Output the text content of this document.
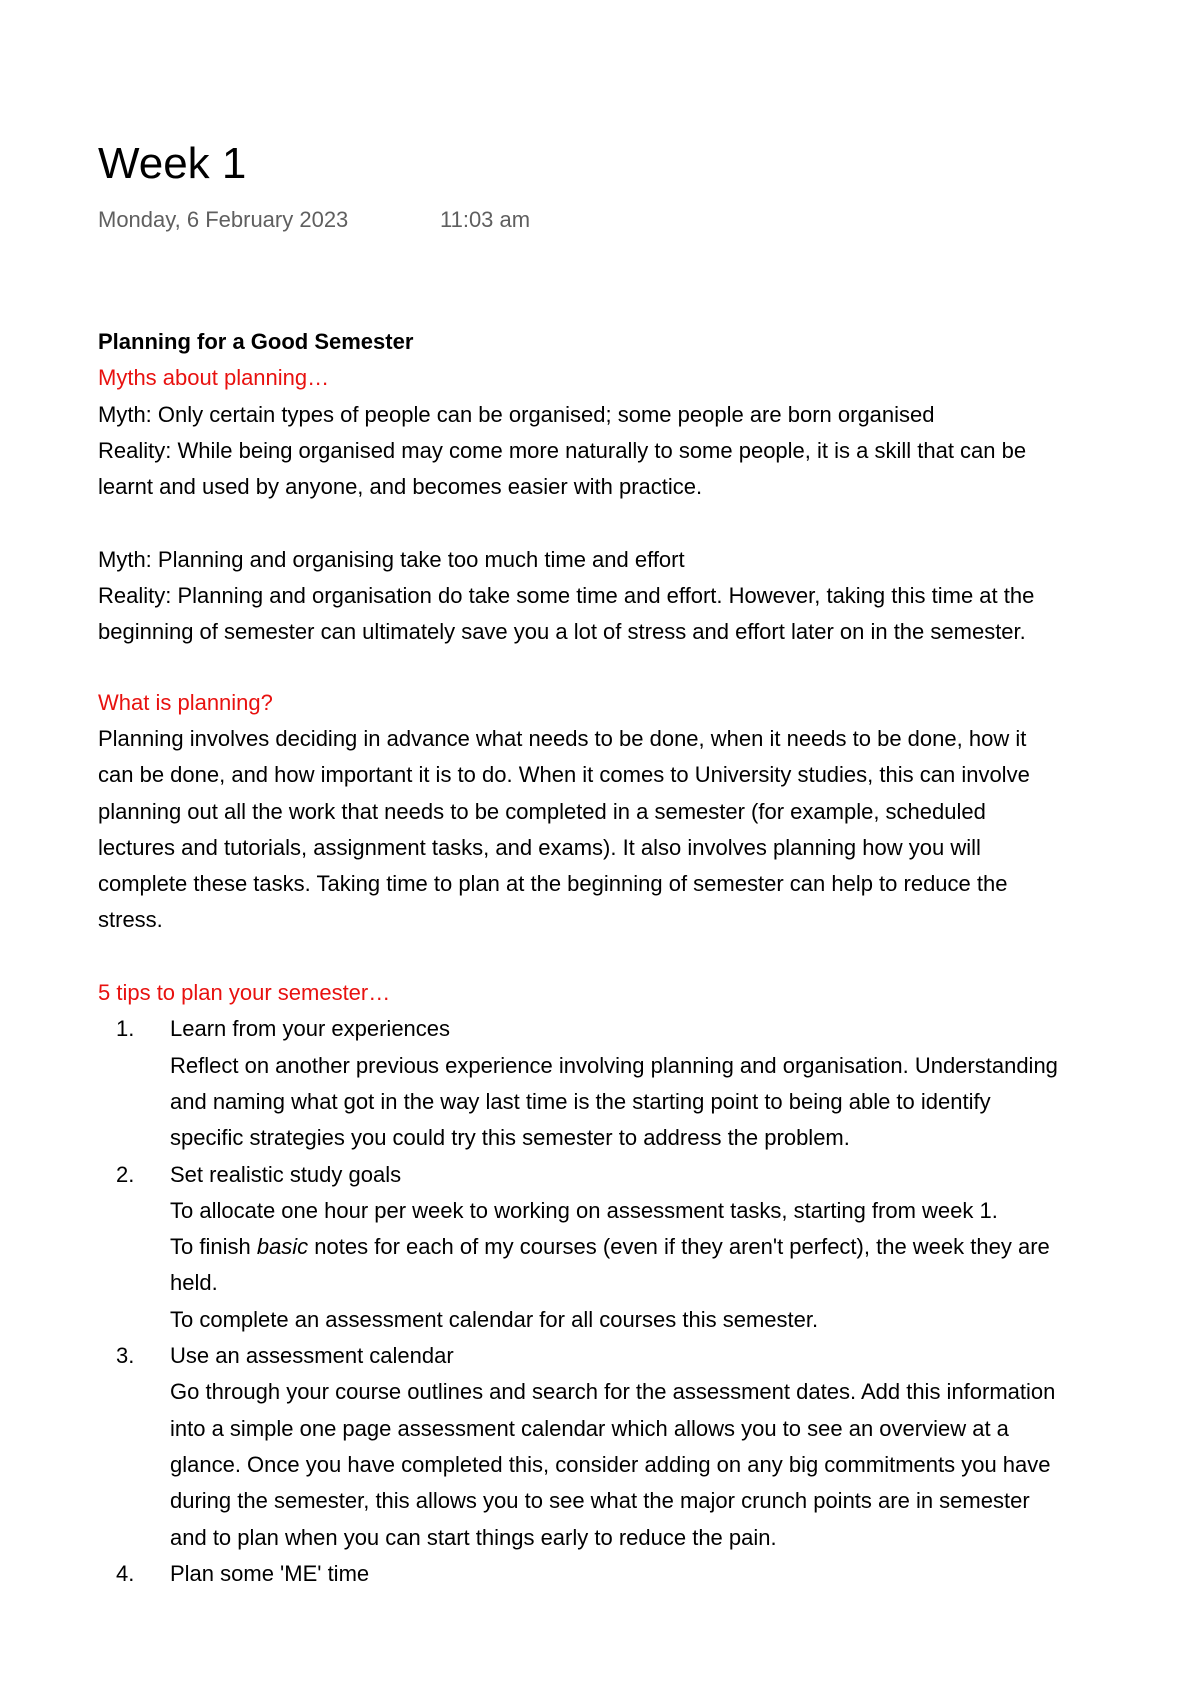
Week 1
Monday, 6 February 2023	11:03 am
Planning for a Good Semester
Myths about planning…
Myth: Only certain types of people can be organised; some people are born organised
Reality: While being organised may come more naturally to some people, it is a skill that can be
learnt and used by anyone, and becomes easier with practice.
Myth: Planning and organising take too much time and effort
Reality: Planning and organisation do take some time and effort. However, taking this time at the
beginning of semester can ultimately save you a lot of stress and effort later on in the semester.
What is planning?
Planning involves deciding in advance what needs to be done, when it needs to be done, how it
can be done, and how important it is to do. When it comes to University studies, this can involve
planning out all the work that needs to be completed in a semester (for example, scheduled
lectures and tutorials, assignment tasks, and exams). It also involves planning how you will
complete these tasks. Taking time to plan at the beginning of semester can help to reduce the
stress.
5 tips to plan your semester…
1. Learn from your experiences
Reflect on another previous experience involving planning and organisation. Understanding
and naming what got in the way last time is the starting point to being able to identify
specific strategies you could try this semester to address the problem.
2. Set realistic study goals
To allocate one hour per week to working on assessment tasks, starting from week 1.
To finish basic notes for each of my courses (even if they aren't perfect), the week they are
held.
To complete an assessment calendar for all courses this semester.
3. Use an assessment calendar
Go through your course outlines and search for the assessment dates. Add this information
into a simple one page assessment calendar which allows you to see an overview at a
glance. Once you have completed this, consider adding on any big commitments you have
during the semester, this allows you to see what the major crunch points are in semester
and to plan when you can start things early to reduce the pain.
4. Plan some 'ME' time
